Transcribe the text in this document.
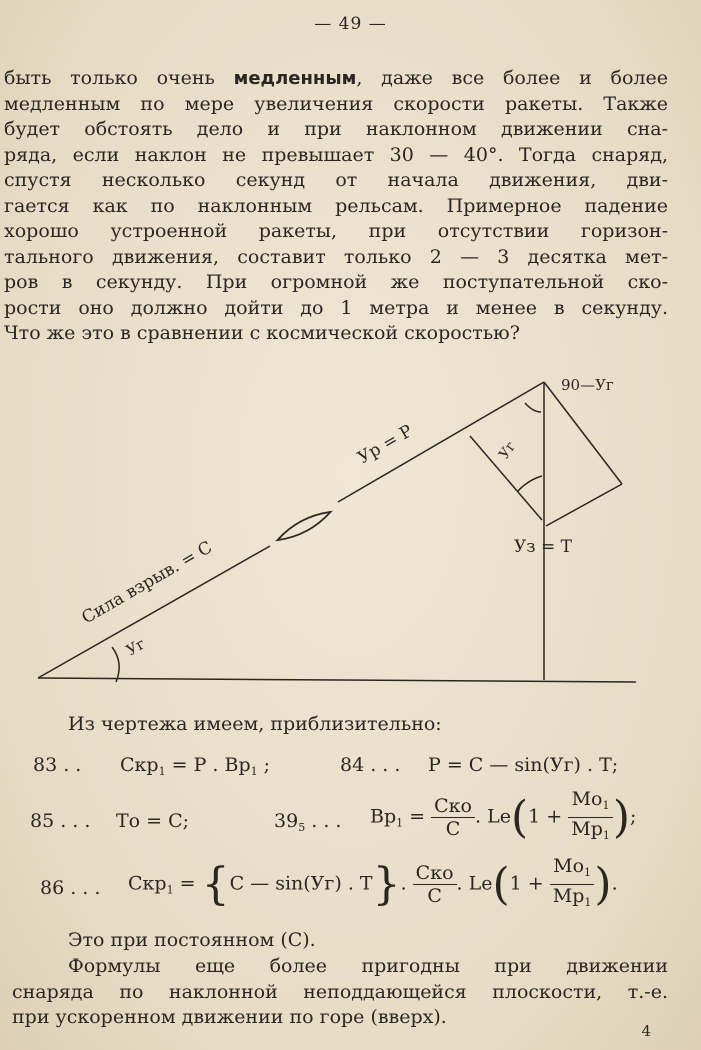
— 49 —
быть только очень медленным, даже все более и более
медленным по мере увеличения скорости ракеты. Также
будет обстоять дело и при наклонном движении сна-
ряда, если наклон не превышает 30 — 40°. Тогда снаряд,
спустя несколько секунд от начала движения, дви-
гается как по наклонным рельсам. Примерное падение
хорошо устроенной ракеты, при отсутствии горизон-
тального движения, составит только 2 — 3 десятка мет-
ров в секунду. При огромной же поступательной ско-
рости оно должно дойти до 1 метра и менее в секунду.
Что же это в сравнении с космической скоростью?
Сила взрыв. = С
Уг
Ур = Р	Уг
90—Уг
Уз = Т
Из чертежа имеем, приблизительно:
83 . . Скр$_1$ = Р . $Вр_1$ ;	84 . . . Р = С — sin(Уг) . Т;
85 . . . То = С;	$39_5$ . . . $Вр_1 = \frac{\text{Ско}}{С}$ . $Le(1 + \frac{Мо_1}{Мр_1}$ );
86 . . . Скр$_1$ = {С — sin(Уг) . Т}. $\frac{\text{Ско}}{С}$ . $Le(1 + \frac{Мо_1}{Мр_1}$ ).
Это при постоянном (С).
Формулы еще более пригодны при движении
снаряда по наклонной неподдающейся плоскости, т.-е.
при ускоренном движении по горе (вверх).
4
